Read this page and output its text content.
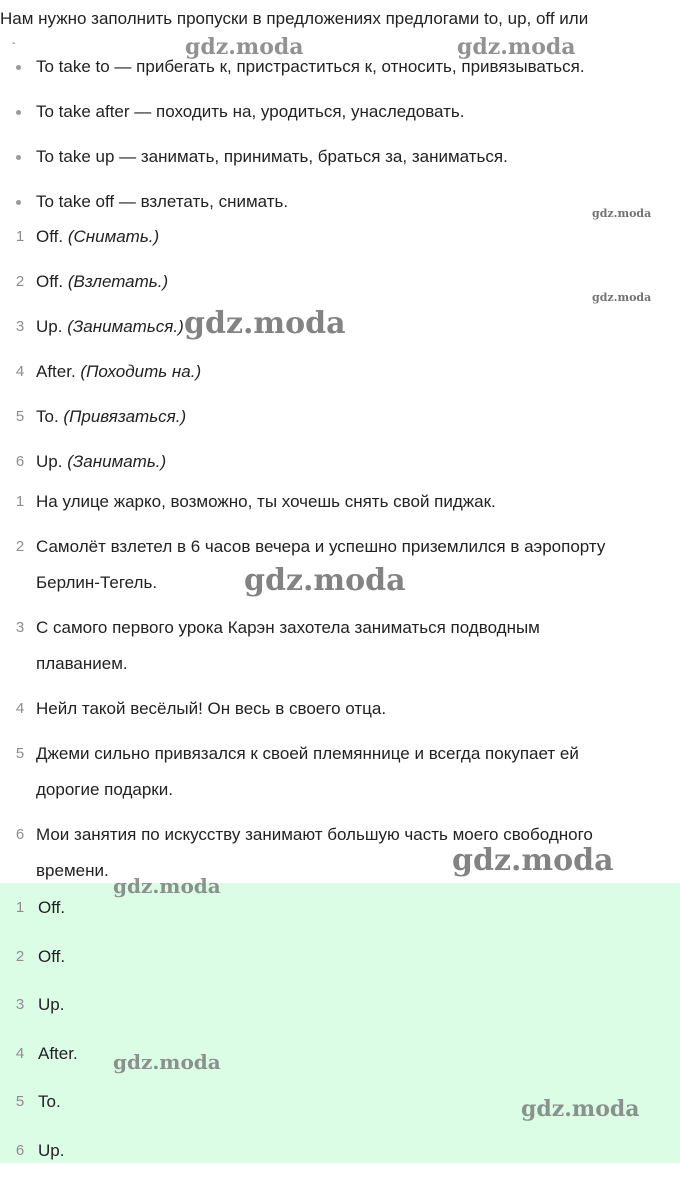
Нам нужно заполнить пропуски в предложениях предлогами to, up, off или
-
To take to — прибегать к, пристраститься к, относить, привязываться.
To take after — походить на, уродиться, унаследовать.
To take up — занимать, принимать, браться за, заниматься.
To take off — взлетать, снимать.
1 Off. (Снимать.)
2 Off. (Взлетать.)
3 Up. (Заниматься.)
4 After. (Походить на.)
5 To. (Привязаться.)
6 Up. (Занимать.)
1 На улице жарко, возможно, ты хочешь снять свой пиджак.
2 Самолёт взлетел в 6 часов вечера и успешно приземлился в аэропорту
Берлин-Тегель.
3 С самого первого урока Карэн захотела заниматься подводным
плаванием.
4 Нейл такой весёлый! Он весь в своего отца.
5 Джеми сильно привязался к своей племяннице и всегда покупает ей
дорогие подарки.
6 Мои занятия по искусству занимают большую часть моего свободного
времени.
1 Off.
2 Off.
3 Up.
4 After.
5 To.
6 Up.
gdz.moda	gdz.moda
gdz.moda
gdz.moda
gdz.moda
gdz.moda
gdz.moda
gdz.moda
gdz.moda
gdz.moda
